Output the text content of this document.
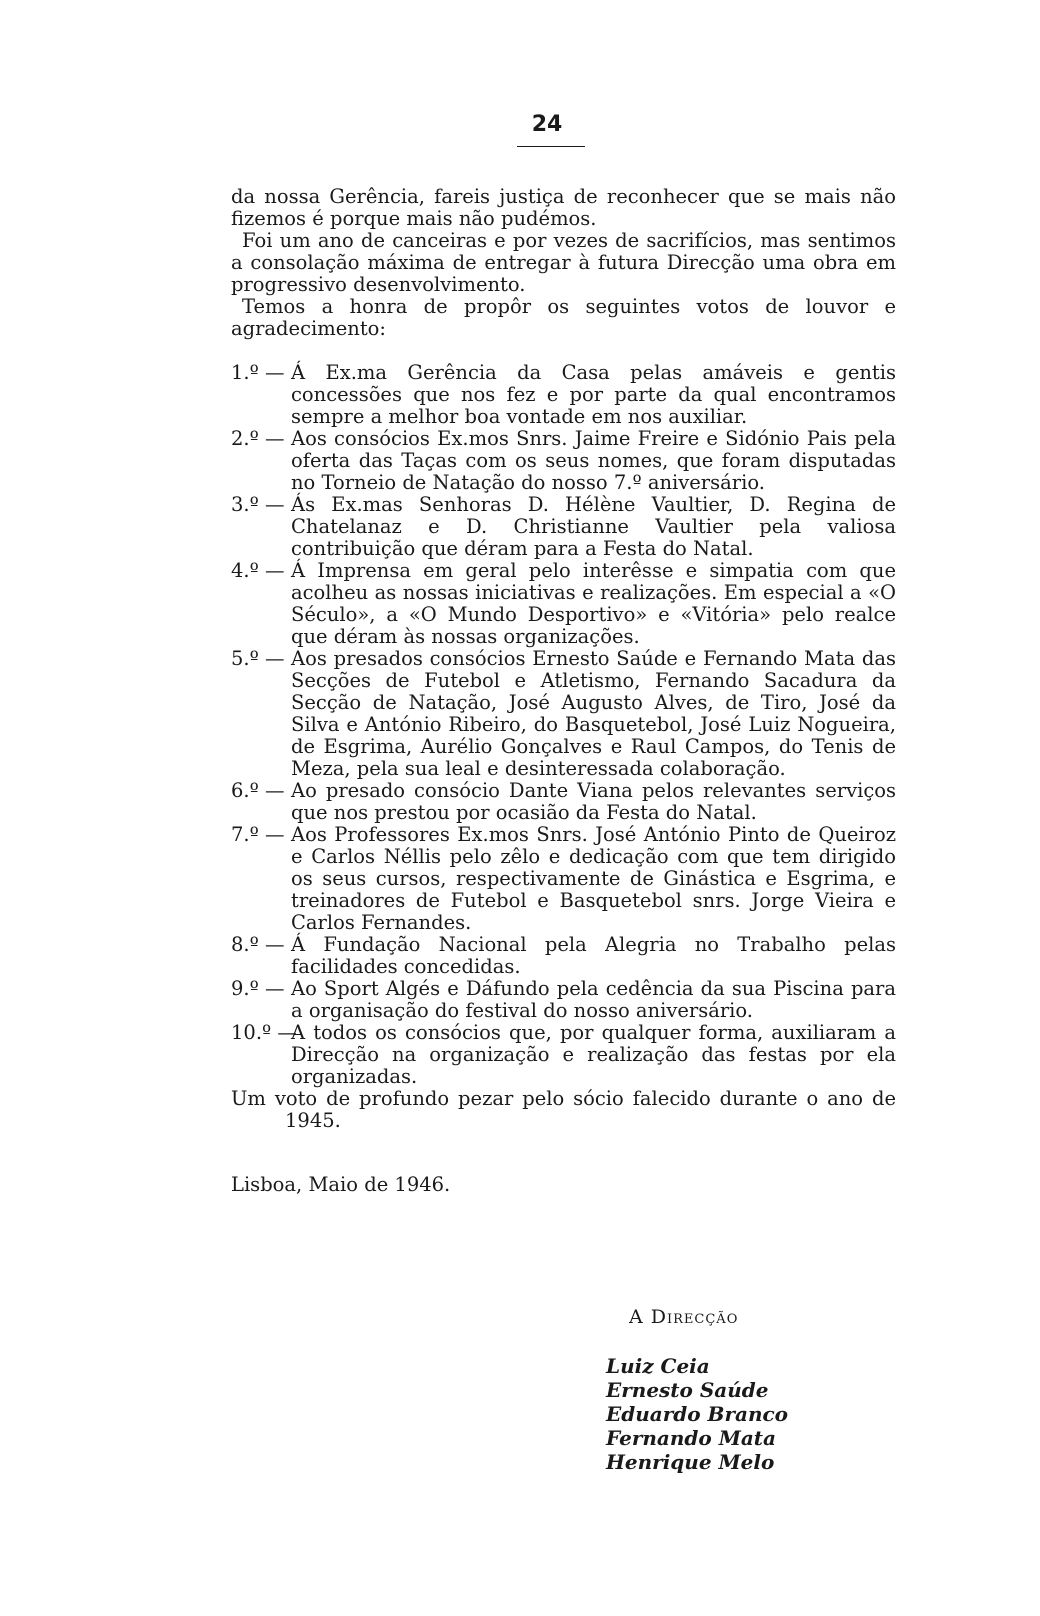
24

da nossa Gerência, fareis justiça de reconhecer que se mais não fizemos é porque mais não pudémos.

Foi um ano de canceiras e por vezes de sacrifícios, mas sentimos a consolação máxima de entregar à futura Direcção uma obra em progressivo desenvolvimento.

Temos a honra de propôr os seguintes votos de louvor e agradecimento:

1.º — Á Ex.ma Gerência da Casa pelas amáveis e gentis concessões que nos fez e por parte da qual encontramos sempre a melhor boa vontade em nos auxiliar.
2.º — Aos consócios Ex.mos Snrs. Jaime Freire e Sidónio Pais pela oferta das Taças com os seus nomes, que foram disputadas no Torneio de Natação do nosso 7.º aniversário.
3.º — Ás Ex.mas Senhoras D. Hélène Vaultier, D. Regina de Chatelanaz e D. Christianne Vaultier pela valiosa contribuição que déram para a Festa do Natal.
4.º — Á Imprensa em geral pelo interêsse e simpatia com que acolheu as nossas iniciativas e realizações. Em especial a «O Século», a «O Mundo Desportivo» e «Vitória» pelo realce que déram às nossas organizações.
5.º — Aos presados consócios Ernesto Saúde e Fernando Mata das Secções de Futebol e Atletismo, Fernando Sacadura da Secção de Natação, José Augusto Alves, de Tiro, José da Silva e António Ribeiro, do Basquetebol, José Luiz Nogueira, de Esgrima, Aurélio Gonçalves e Raul Campos, do Tenis de Meza, pela sua leal e desinteressada colaboração.
6.º — Ao presado consócio Dante Viana pelos relevantes serviços que nos prestou por ocasião da Festa do Natal.
7.º — Aos Professores Ex.mos Snrs. José António Pinto de Queiroz e Carlos Néllis pelo zêlo e dedicação com que tem dirigido os seus cursos, respectivamente de Ginástica e Esgrima, e treinadores de Futebol e Basquetebol snrs. Jorge Vieira e Carlos Fernandes.
8.º — Á Fundação Nacional pela Alegria no Trabalho pelas facilidades concedidas.
9.º — Ao Sport Algés e Dáfundo pela cedência da sua Piscina para a organisação do festival do nosso aniversário.
10.º —
A todos os consócios que, por qualquer forma, auxiliaram a Direcção na organização e realização das festas por ela organizadas.

Um voto de profundo pezar pelo sócio falecido durante o ano de 1945.

Lisboa, Maio de 1946.

A Direcção
Luiz Ceia
Ernesto Saúde
Eduardo Branco
Fernando Mata
Henrique Melo
